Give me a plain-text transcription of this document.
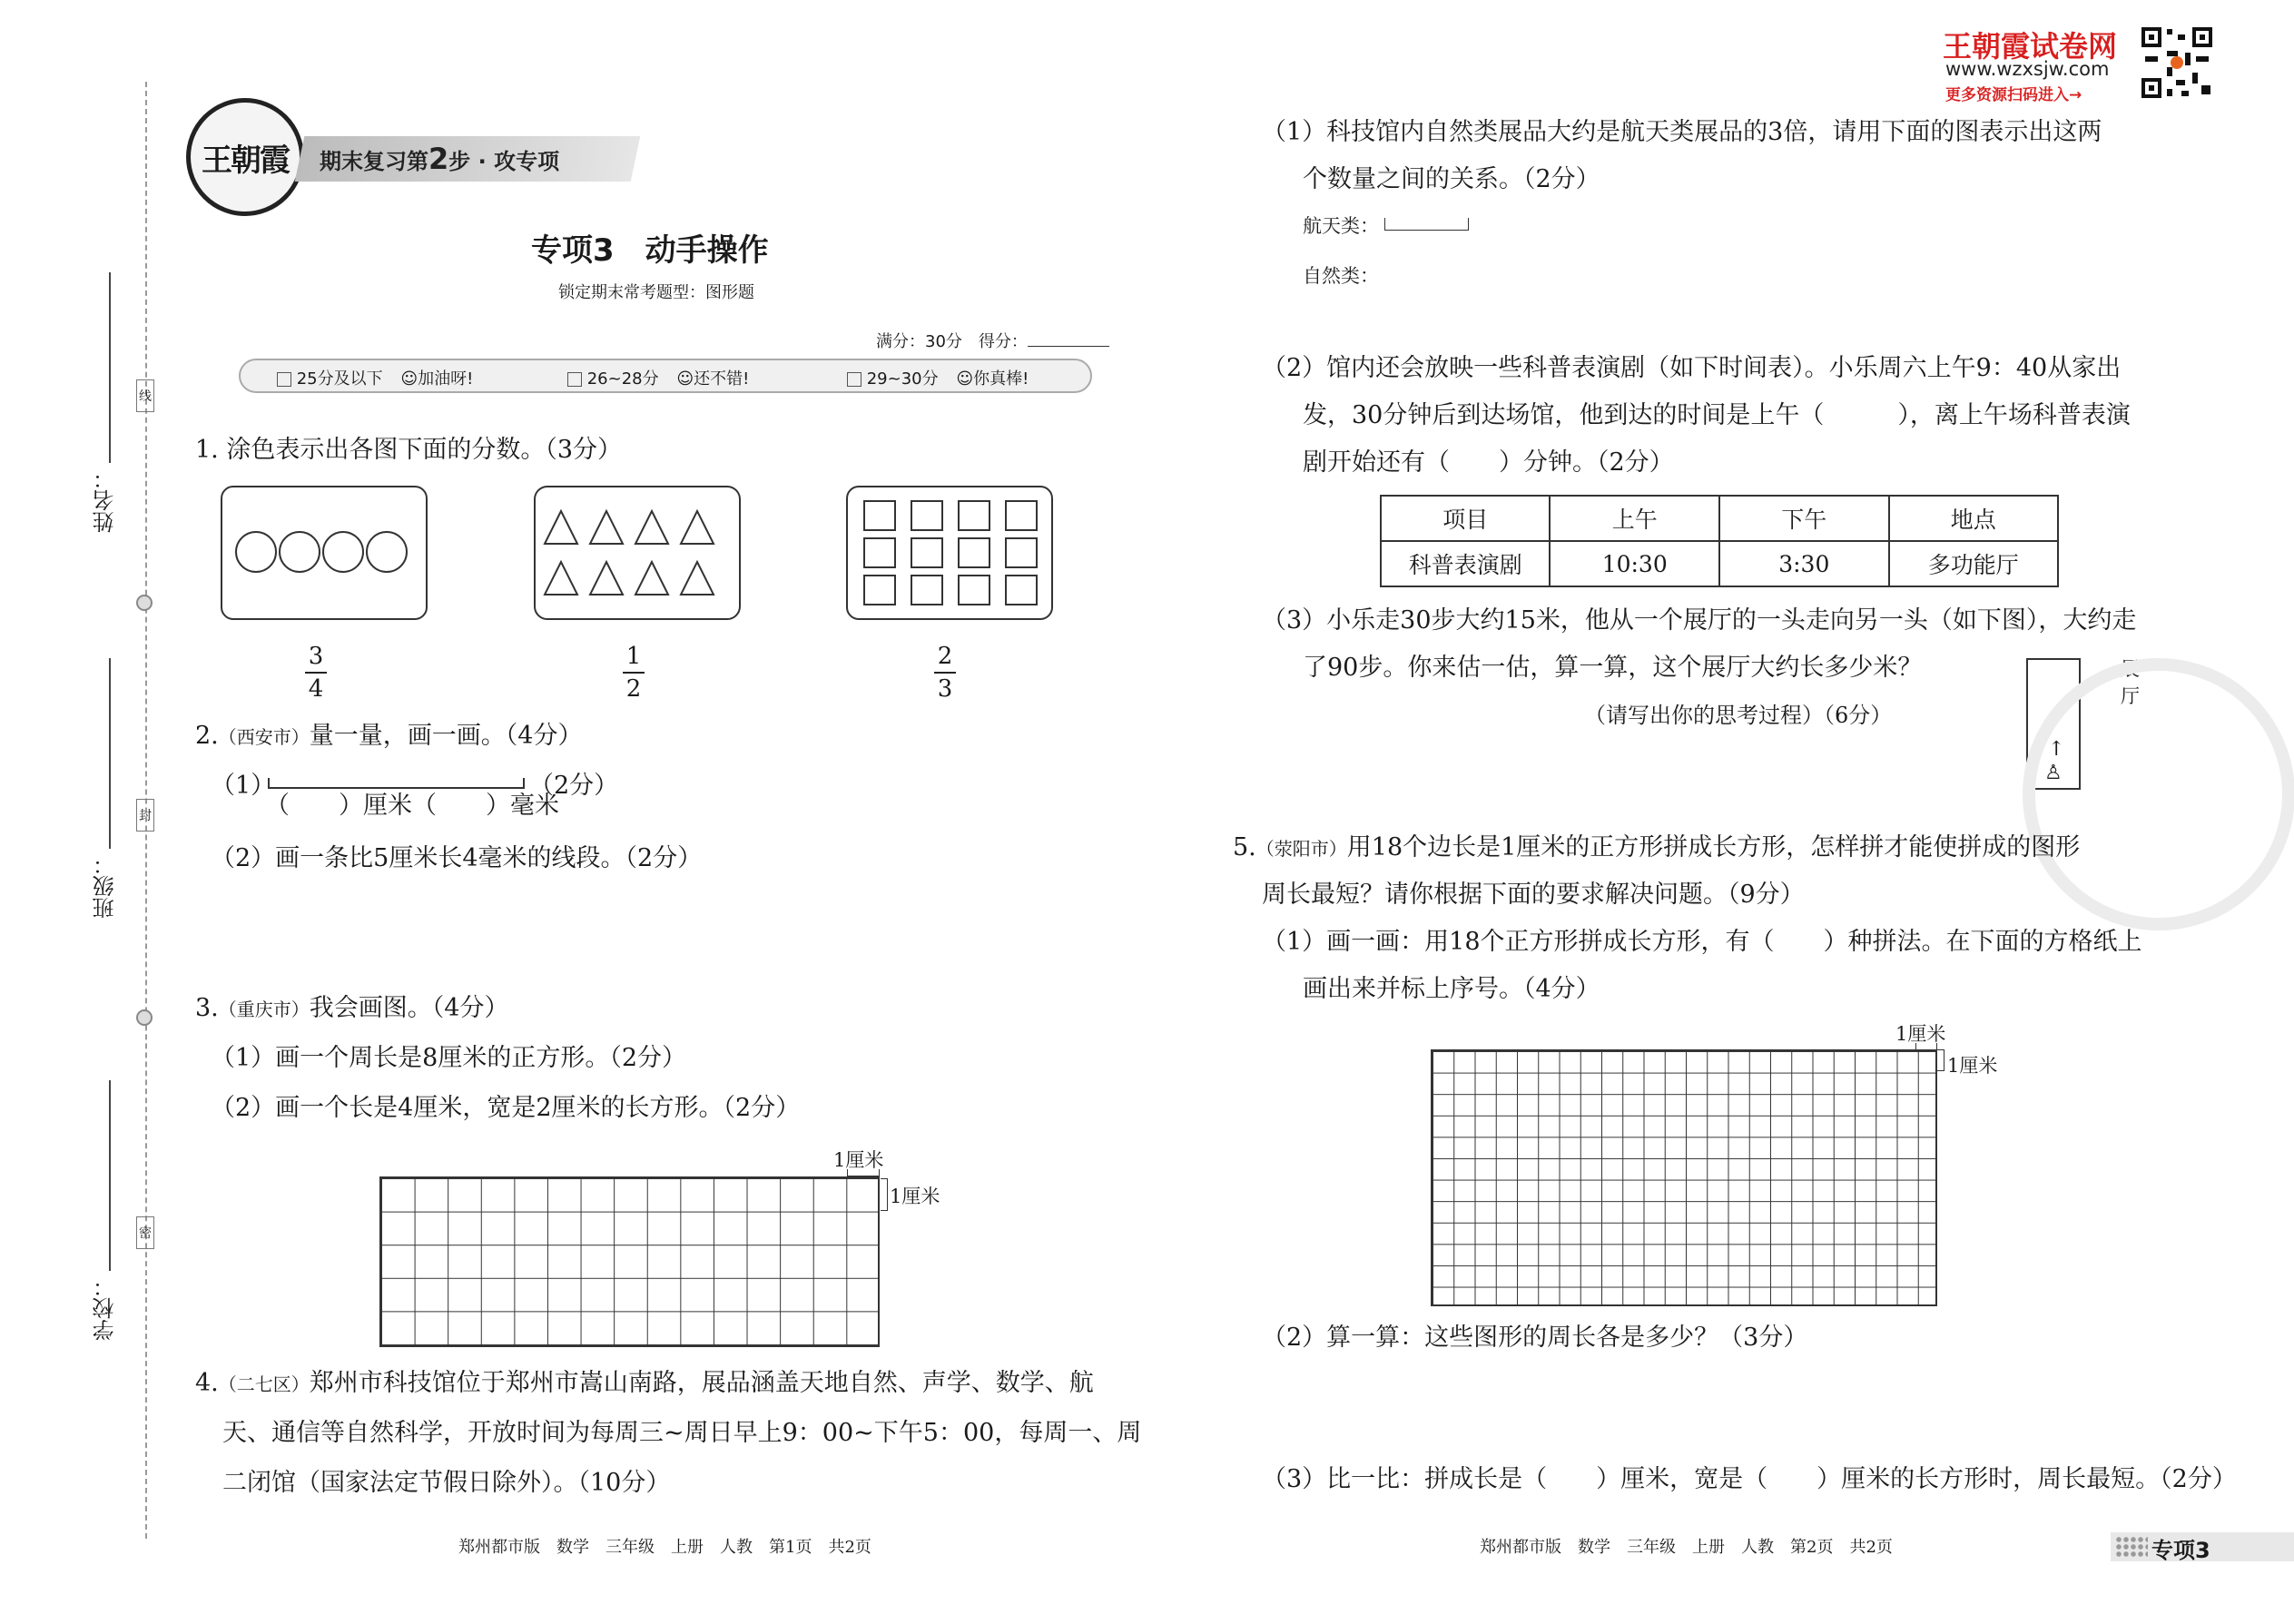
姓名：
班级：
学校：
线
封
密
王朝霞 期末复习第2步 · 攻专项
专项3　动手操作
锁定期末常考题型：图形题
满分：30分　得分：
25分及以下 ☺加油呀!	26~28分 ☺还不错!	29~30分 ☺你真棒!
1. 涂色表示出各图下面的分数。（3分）
3
4
1
2
2
3
2.（西安市）量一量，画一画。（4分）
（1）	（2分）
（　　）厘米（　　）毫米
（2）画一条比5厘米长4毫米的线段。（2分）
3.（重庆市）我会画图。（4分）
（1）画一个周长是8厘米的正方形。（2分）
（2）画一个长是4厘米，宽是2厘米的长方形。（2分）
1厘米
1厘米
4.（二七区）郑州市科技馆位于郑州市嵩山南路，展品涵盖天地自然、声学、数学、航
天、通信等自然科学，开放时间为每周三~周日早上9：00~下午5：00，每周一、周
二闭馆（国家法定节假日除外）。（10分）
郑州都市版　数学　三年级　上册　人教　第1页　共2页
王朝霞试卷网
www.wzxsjw.com
更多资源扫码进入→
（1）科技馆内自然类展品大约是航天类展品的3倍，请用下面的图表示出这两
个数量之间的关系。（2分）
航天类：
自然类：
（2）馆内还会放映一些科普表演剧（如下时间表）。小乐周六上午9：40从家出
发，30分钟后到达场馆，他到达的时间是上午（　　　），离上午场科普表演
剧开始还有（　　）分钟。（2分）
项目	上午	下午	地点
科普表演剧	10:30	3:30	多功能厅
（3）小乐走30步大约15米，他从一个展厅的一头走向另一头（如下图），大约走
了90步。你来估一估，算一算，这个展厅大约长多少米？
（请写出你的思考过程）（6分）
↑
♙
展厅
5.（荥阳市）用18个边长是1厘米的正方形拼成长方形，怎样拼才能使拼成的图形
周长最短？请你根据下面的要求解决问题。（9分）
（1）画一画：用18个正方形拼成长方形，有（　　）种拼法。在下面的方格纸上
画出来并标上序号。（4分）
1厘米
1厘米
（2）算一算：这些图形的周长各是多少？（3分）
（3）比一比：拼成长是（　　）厘米，宽是（　　）厘米的长方形时，周长最短。（2分）
郑州都市版　数学　三年级　上册　人教　第2页　共2页	专项3
